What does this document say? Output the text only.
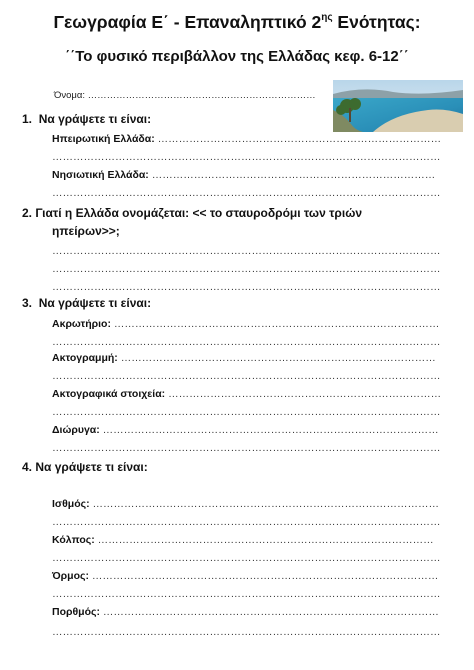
Γεωγραφία Ε΄ - Επαναληπτικό $2^{\eta\varsigma}$ Ενότητας:
΄΄Το φυσικό περιβάλλον της Ελλάδας κεφ. 6-12΄΄
Όνομα: ………………………………………………………………
1. Να γράψετε τι είναι:
Ηπειρωτική Ελλάδα: ………………………………………………………………………
…………………………………………………………………………………………………
Νησιωτική Ελλάδα: ………………………………………………………………………
…………………………………………………………………………………………………
2. Γιατί η Ελλάδα ονομάζεται: << το σταυροδρόμι των τριών
ηπείρων>>;
…………………………………………………………………………………………………
…………………………………………………………………………………………………
…………………………………………………………………………………………………
3. Να γράψετε τι είναι:
Ακρωτήριο: …………………………………………………………………………………
…………………………………………………………………………………………………
Ακτογραμμή: ………………………………………………………………………………
…………………………………………………………………………………………………
Ακτογραφικά στοιχεία: ……………………………………………………………………
…………………………………………………………………………………………………
Διώρυγα: ……………………………………………………………………………………
…………………………………………………………………………………………………
4. Να γράψετε τι είναι:
Ισθμός: ………………………………………………………………………………………
…………………………………………………………………………………………………
Κόλπος: ……………………………………………………………………………………
…………………………………………………………………………………………………
Όρμος: ………………………………………………………………………………………
…………………………………………………………………………………………………
Πορθμός: ……………………………………………………………………………………
…………………………………………………………………………………………………
